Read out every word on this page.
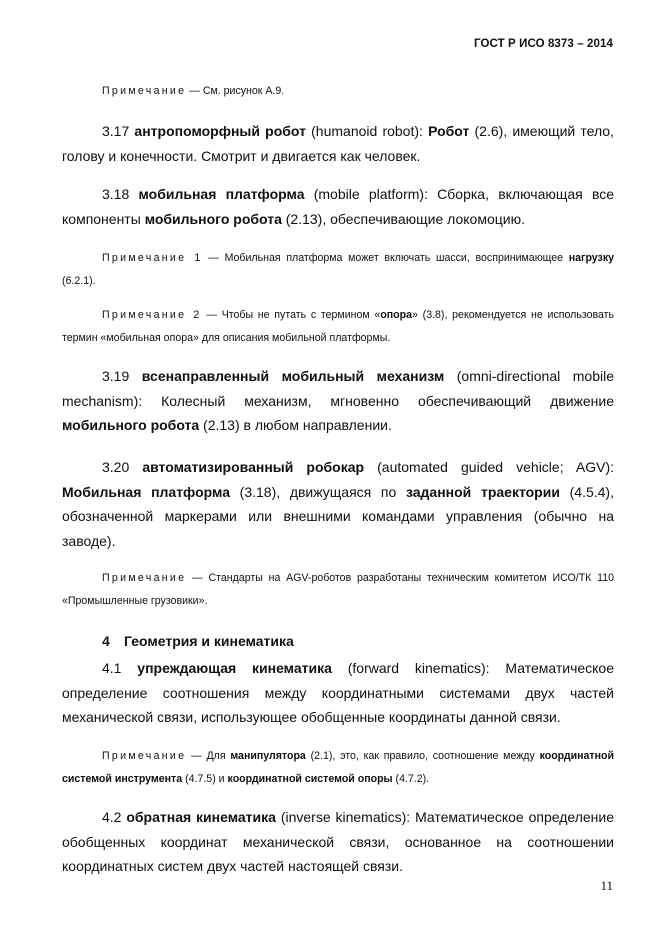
ГОСТ Р ИСО 8373 – 2014

Примечание — См. рисунок А.9.

3.17 антропоморфный робот (humanoid robot): Робот (2.6), имеющий тело, голову и конечности. Смотрит и двигается как человек.

3.18 мобильная платформа (mobile platform): Сборка, включающая все компоненты мобильного робота (2.13), обеспечивающие локомоцию.

Примечание 1 — Мобильная платформа может включать шасси, воспринимающее нагрузку (6.2.1).

Примечание 2 — Чтобы не путать с термином «опора» (3.8), рекомендуется не использовать термин «мобильная опора» для описания мобильной платформы.

3.19 всенаправленный мобильный механизм (omni-directional mobile mechanism): Колесный механизм, мгновенно обеспечивающий движение мобильного робота (2.13) в любом направлении.

3.20 автоматизированный робокар (automated guided vehicle; AGV): Мобильная платформа (3.18), движущаяся по заданной траектории (4.5.4), обозначенной маркерами или внешними командами управления (обычно на заводе).

Примечание — Стандарты на AGV-роботов разработаны техническим комитетом ИСО/ТК 110 «Промышленные грузовики».

4 Геометрия и кинематика

4.1 упреждающая кинематика (forward kinematics): Математическое определение соотношения между координатными системами двух частей механической связи, использующее обобщенные координаты данной связи.

Примечание — Для манипулятора (2.1), это, как правило, соотношение между координатной системой инструмента (4.7.5) и координатной системой опоры (4.7.2).

4.2 обратная кинематика (inverse kinematics): Математическое определение обобщенных координат механической связи, основанное на соотношении координатных систем двух частей настоящей связи.

11
